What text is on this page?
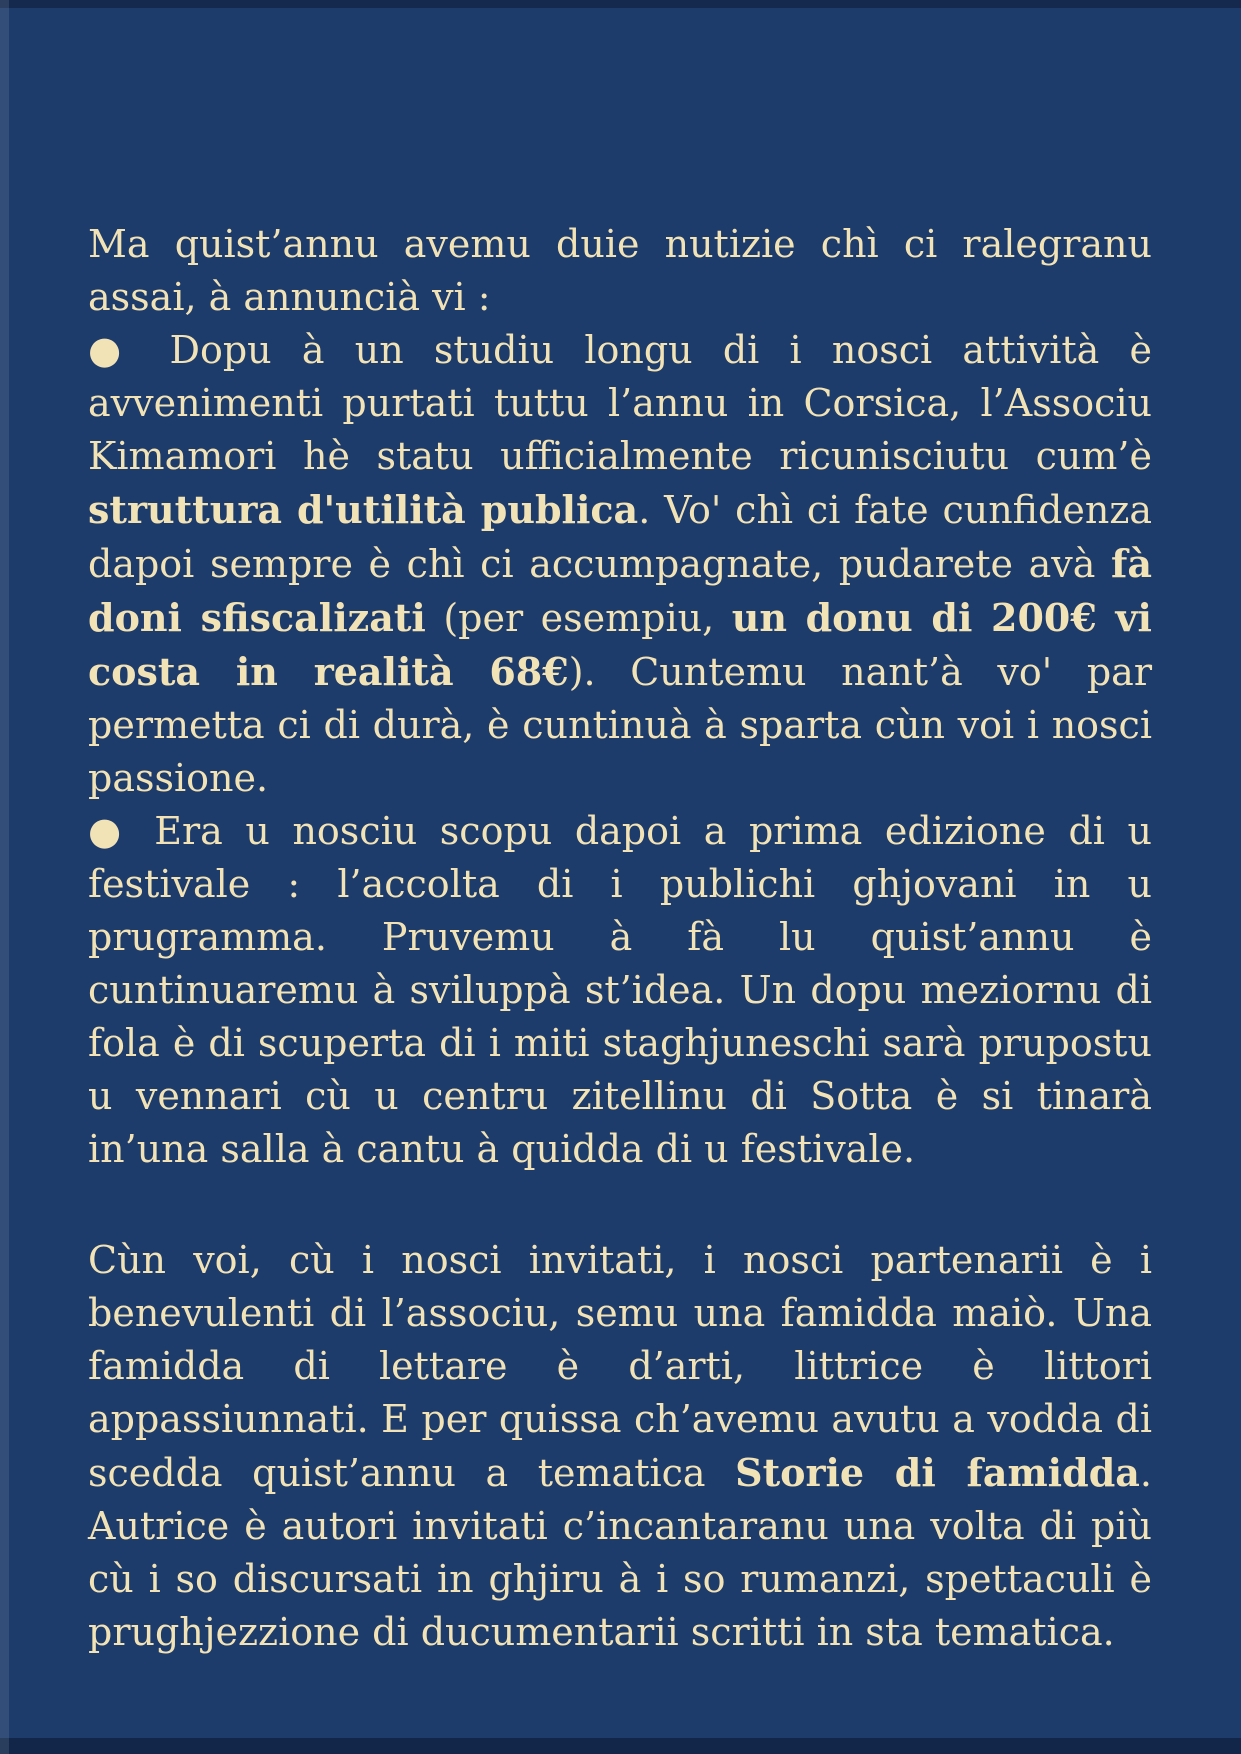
Ma quist’annu avemu duie nutizie chì ci ralegranu assai, à annuncià vi :

● Dopu à un studiu longu di i nosci attività è avvenimenti purtati tuttu l’annu in Corsica, l’Associu Kimamori hè statu ufficialmente ricunisciutu cum’è struttura d'utilità publica. Vo' chì ci fate cunfidenza dapoi sempre è chì ci accumpagnate, pudarete avà fà doni sfiscalizati (per esempiu, un donu di 200€ vi costa in realità 68€). Cuntemu nant’à vo' par permetta ci di durà, è cuntinuà à sparta cùn voi i nosci passione.

● Era u nosciu scopu dapoi a prima edizione di u festivale : l’accolta di i publichi ghjovani in u prugramma. Pruvemu à fà lu quist’annu è cuntinuaremu à sviluppà st’idea. Un dopu meziornu di fola è di scuperta di i miti staghjuneschi sarà prupostu u vennari cù u centru zitellinu di Sotta è si tinarà in’una salla à cantu à quidda di u festivale.

Cùn voi, cù i nosci invitati, i nosci partenarii è i benevulenti di l’associu, semu una famidda maiò. Una famidda di lettare è d’arti, littrice è littori appassiunnati. E per quissa ch’avemu avutu a vodda di scedda quist’annu a tematica Storie di famidda. Autrice è autori invitati c’incantaranu una volta di più cù i so discursati in ghjiru à i so rumanzi, spettaculi è prughjezzione di ducumentarii scritti in sta tematica.
